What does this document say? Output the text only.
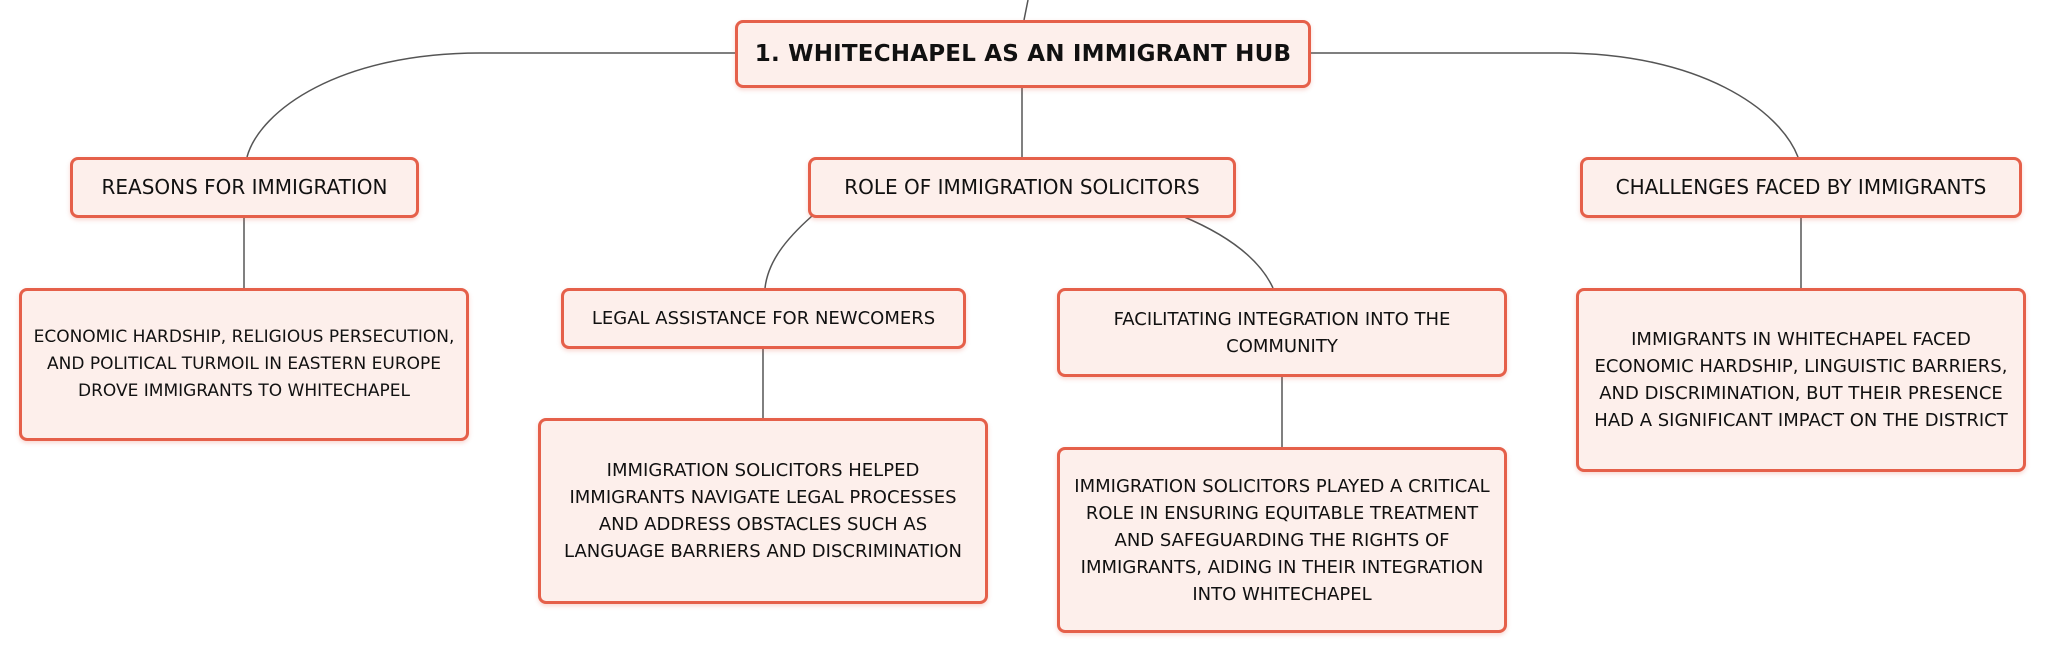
1. WHITECHAPEL AS AN IMMIGRANT HUB
REASONS FOR IMMIGRATION	ROLE OF IMMIGRATION SOLICITORS	CHALLENGES FACED BY IMMIGRANTS
ECONOMIC HARDSHIP, RELIGIOUS PERSECUTION, AND POLITICAL TURMOIL IN EASTERN EUROPE DROVE IMMIGRANTS TO WHITECHAPEL
LEGAL ASSISTANCE FOR NEWCOMERS	FACILITATING INTEGRATION INTO THE COMMUNITY
IMMIGRATION SOLICITORS HELPED IMMIGRANTS NAVIGATE LEGAL PROCESSES AND ADDRESS OBSTACLES SUCH AS LANGUAGE BARRIERS AND DISCRIMINATION
IMMIGRATION SOLICITORS PLAYED A CRITICAL ROLE IN ENSURING EQUITABLE TREATMENT AND SAFEGUARDING THE RIGHTS OF IMMIGRANTS, AIDING IN THEIR INTEGRATION INTO WHITECHAPEL
IMMIGRANTS IN WHITECHAPEL FACED ECONOMIC HARDSHIP, LINGUISTIC BARRIERS, AND DISCRIMINATION, BUT THEIR PRESENCE HAD A SIGNIFICANT IMPACT ON THE DISTRICT
